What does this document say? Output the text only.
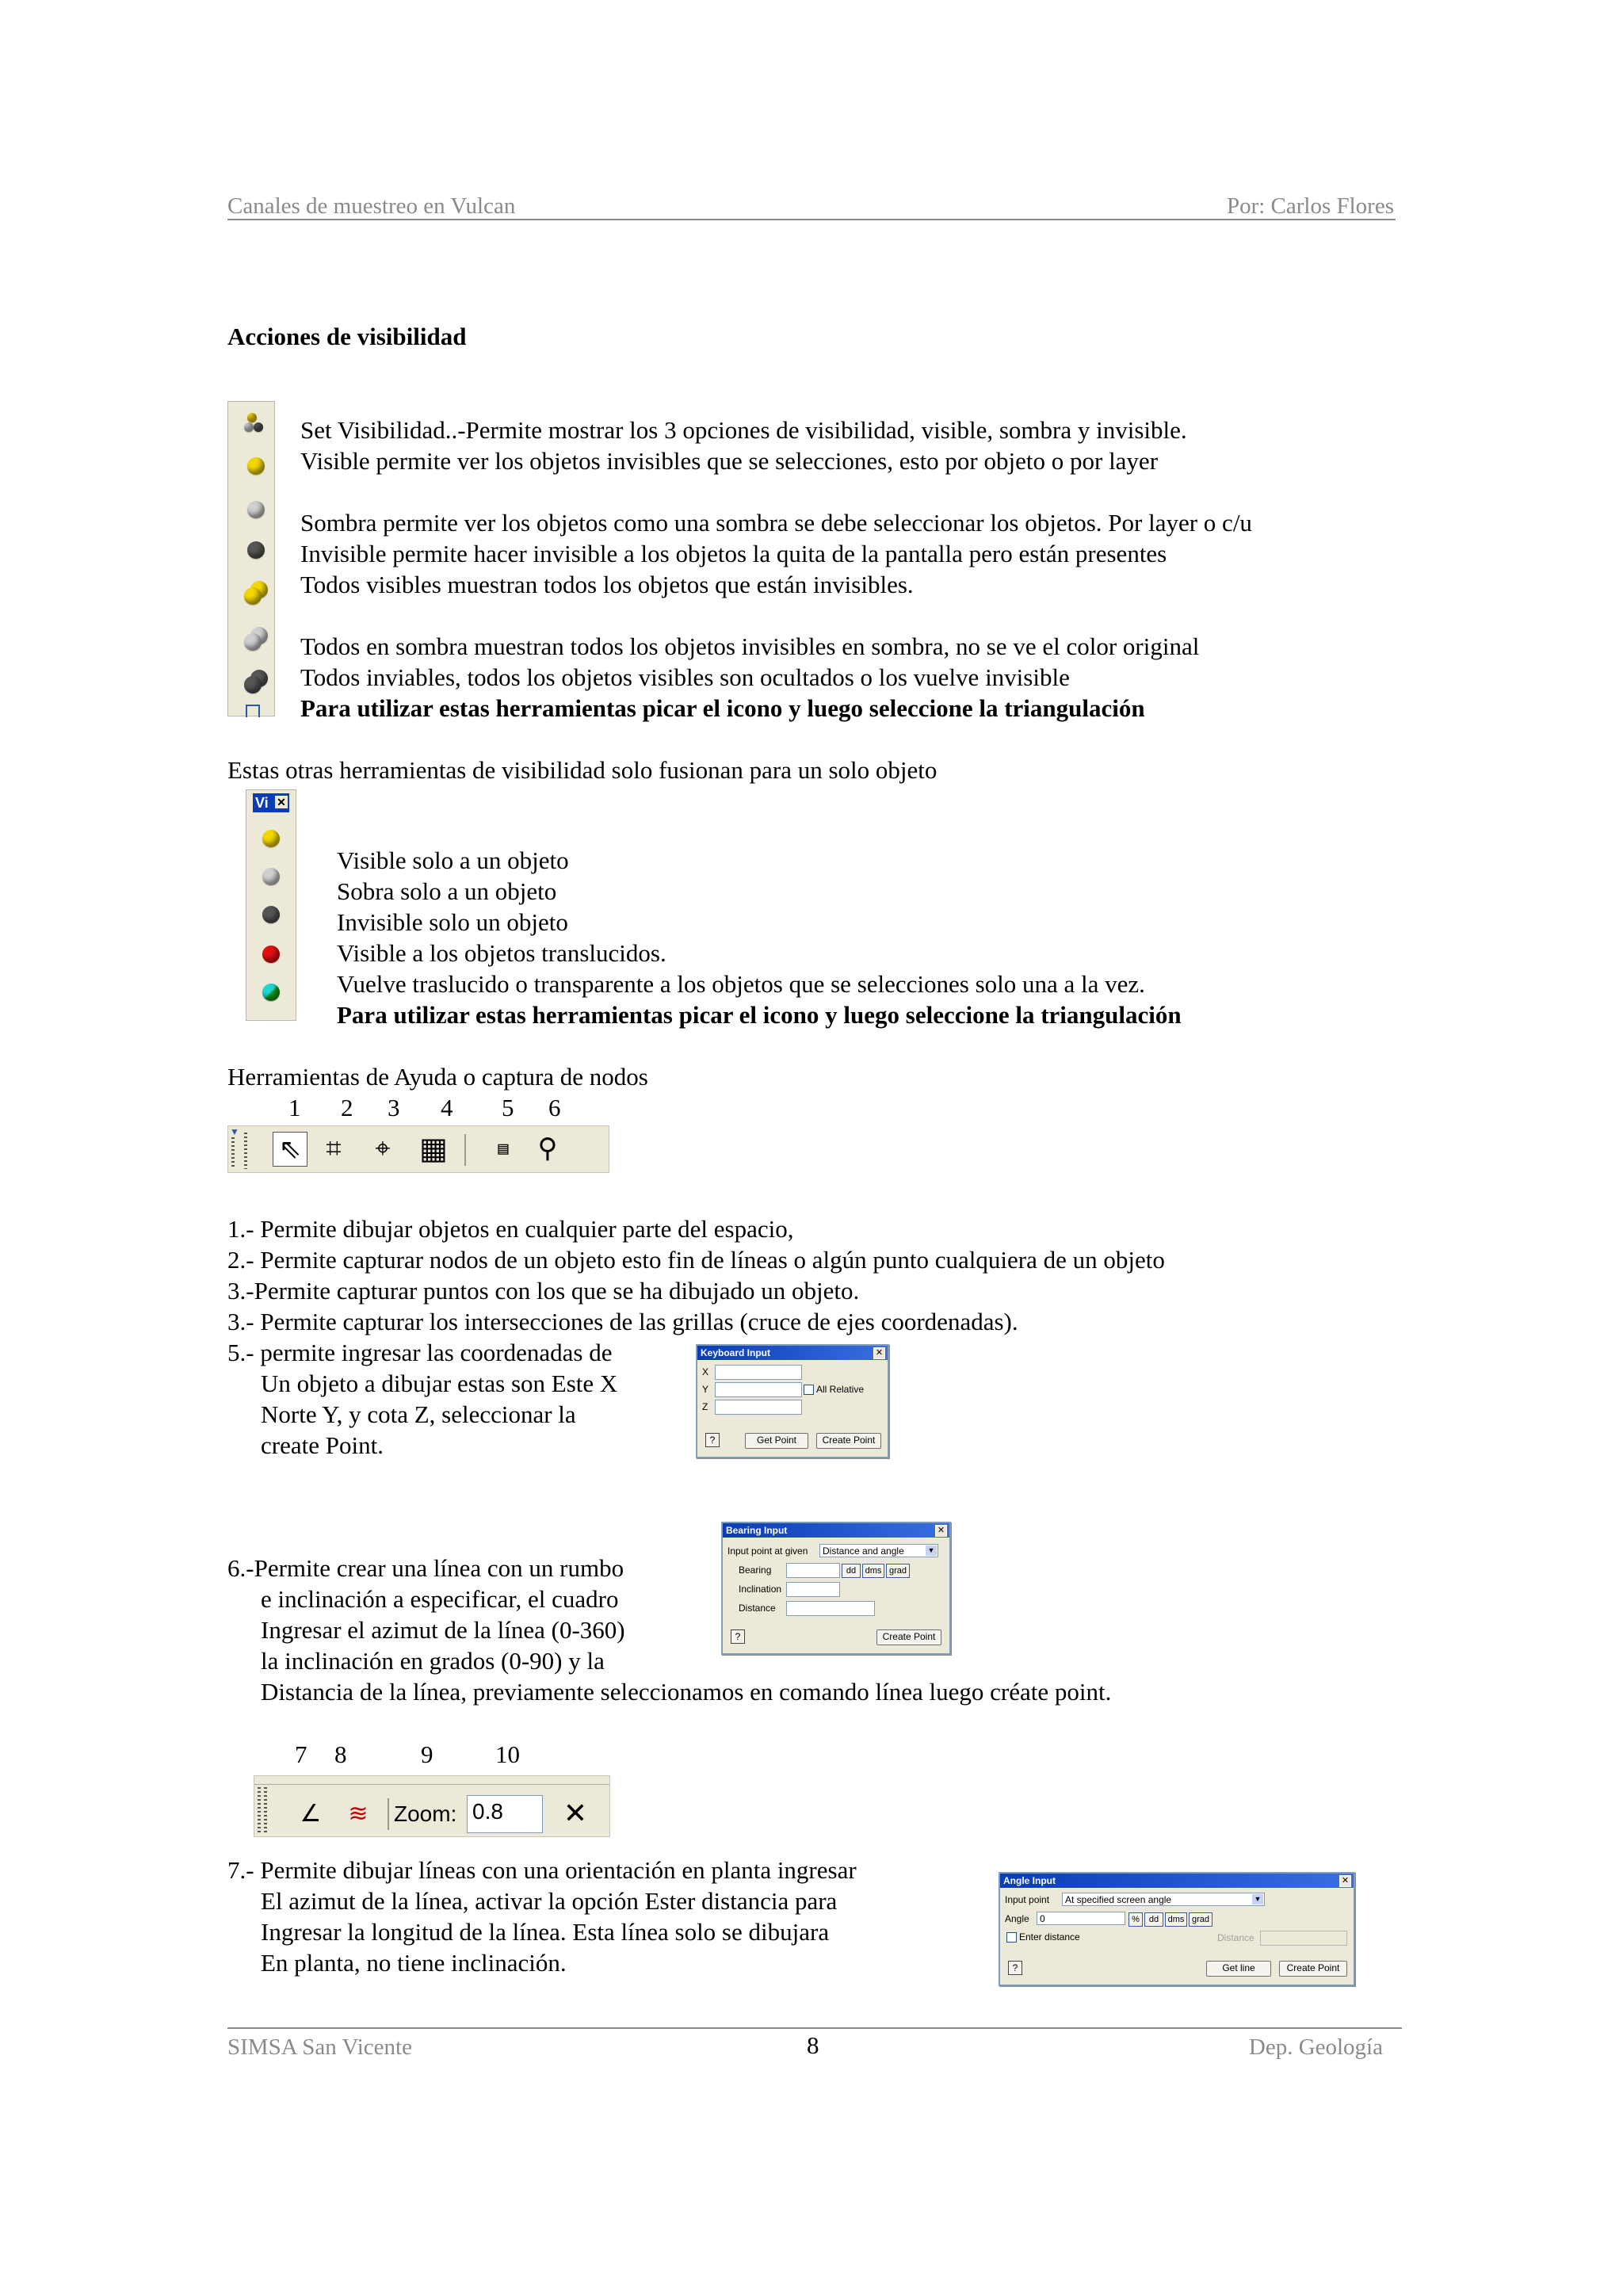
Canales de muestreo en Vulcan	Por: Carlos Flores
Acciones de visibilidad
Set Visibilidad..-Permite mostrar los 3 opciones de visibilidad, visible, sombra y invisible.
Visible permite ver los objetos invisibles que se selecciones, esto por objeto o por layer
Sombra permite ver los objetos como una sombra se debe seleccionar los objetos. Por layer o c/u
Invisible permite hacer invisible a los objetos la quita de la pantalla pero están presentes
Todos visibles muestran todos los objetos que están invisibles.
Todos en sombra muestran todos los objetos invisibles en sombra, no se ve el color original
Todos inviables, todos los objetos visibles son ocultados o los vuelve invisible
Para utilizar estas herramientas picar el icono y luego seleccione la triangulación
Estas otras herramientas de visibilidad solo fusionan para un solo objeto
Vi ✕
Visible solo a un objeto
Sobra solo a un objeto
Invisible solo un objeto
Visible a los objetos translucidos.
Vuelve traslucido o transparente a los objetos que se selecciones solo una a la vez.
Para utilizar estas herramientas picar el icono y luego seleccione la triangulación
Herramientas de Ayuda o captura de nodos
1 2 3 4 5 6
▼
⇖ ⌗	⌖ ▦	▤	⚲
1.- Permite dibujar objetos en cualquier parte del espacio,
2.- Permite capturar nodos de un objeto esto fin de líneas o algún punto cualquiera de un objeto
3.-Permite capturar puntos con los que se ha dibujado un objeto.
3.- Permite capturar los intersecciones de las grillas (cruce de ejes coordenadas).
5.- permite ingresar las coordenadas de
Un objeto a dibujar estas son Este X
Norte Y, y cota Z, seleccionar la
create Point.
Keyboard Input	✕
X
Y	All Relative
Z
?	Get Point	Create Point
6.-Permite crear una línea con un rumbo
e inclinación a especificar, el cuadro
Ingresar el azimut de la línea (0-360)
la inclinación en grados (0-90) y la
Distancia de la línea, previamente seleccionamos en comando línea luego créate point.
Bearing Input	✕
Input point at given	Distance and angle	▼
Bearing	dd	dms grad
Inclination
Distance
?	Create Point
7 8	9	10
∠ ≋	Zoom: 0.8	✕
7.- Permite dibujar líneas con una orientación en planta ingresar
El azimut de la línea, activar la opción Ester distancia para
Ingresar la longitud de la línea. Esta línea solo se dibujara
En planta, no tiene inclinación.
Angle Input	✕
Input point	At specified screen angle	▼
Angle	0	%	dd	dms grad
Enter distance	Distance
?	Get line	Create Point
SIMSA San Vicente	8	Dep. Geología
